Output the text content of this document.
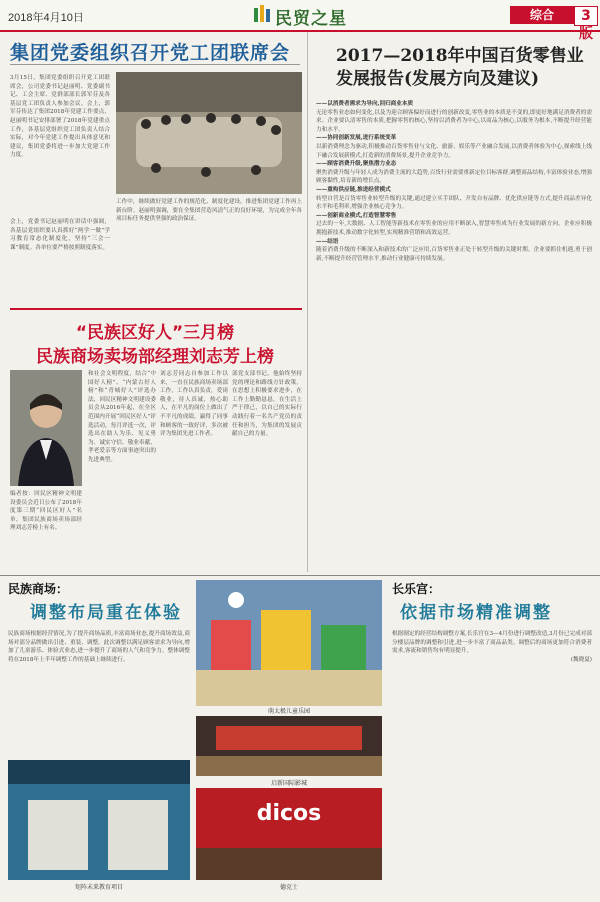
2018年4月10日	民贸之星	综合	3版
集团党委组织召开党工团联席会
3月15日，集团党委组织召开党工团联席会，公司党委书记赵丽明、党委副书记、工会主席、党群部部长郭军芬及各基层党工团负责人参加会议。会上，郭军芬传达了集团2018年党建工作要点，赵丽明书记安排部署了2018年党建重点工作，各基层党组织党工团负责人结合实际，对今年党建工作提出具体意见和建议，集团党委将进一步加大党建工作力度。
会上，党委书记赵丽明在讲话中强调，各基层党组织要认真抓好“两学一做”学习教育常态化制度化，坚持“三会一课”制度。各单位要严格按照制度落实。
工作中，继续做好党建工作的规范化、制度化建设，推进集团党建工作再上新台阶。赵丽明强调，要在全集团营造风清气正的良好环境，为完成全年各项目标任务提供坚强的政治保证。
“民族区好人”三月榜
民族商场卖场部经理刘志芳上榜
编者按：回民区精神文明建设委员会近日公布了2018年度第三期“回民区好人”名单，集团民族商场卖场部经理刘志芳榜上有名。
和社会文明程度，结合“中国好人榜”、“内蒙古好人榜”和“青城好人”评选办法，回民区精神文明建设委员会从2016年起，在全区范围内开展“回民区好人”评选活动，每月评选一次，评选出在助人为乐、见义勇为、诚实守信、敬业奉献、孝老爱亲等方面事迹突出的先进典型。
刘志芳同志自参加工作以来，一直在民族商场卖场部工作，工作认真负责，爱岗敬业，待人真诚，热心助人，在平凡的岗位上做出了不平凡的成绩，赢得了同事和顾客的一致好评，多次被评为集团先进工作者。
部党支部书记，他始终坚持党的理论和路线方针政策，在思想上积极要求进步，在工作上勤勤恳恳，在生活上严于律己，以自己的实际行动践行着一名共产党员的责任和担当，为集团的发展贡献自己的力量。
2017—2018年中国百货零售业
发展报告(发展方向及建议)
——以消费者需求为导向,回归商业本质
无论零售业态如何变化,以及为迎合顾客偏好而进行的创新改变,零售业的本质是不变的,即更好地满足消费者的需求。企业要认清零售的本质,把握零售的核心,坚持以消费者为中心,以商品为核心,以服务为根本,不断提升经营能力和水平。
——协同创新发展,进行系统变革
以新消费理念为驱动,积极推动百货零售业与文化、旅游、娱乐等产业融合发展,以消费者体验为中心,探索线上线下融合发展新模式,打造新的消费场景,提升企业竞争力。
——顾客消费升级,聚焦潜力业态
聚焦消费升级与年轻人成为消费主流的大趋势,百货行业需要重新定位目标客群,调整商品结构,丰富体验业态,增强顾客黏性,培育新的增长点。
——重构供应链,推进经营模式
转型自营是百货零售业转型升级的关键,通过建立买手团队、开发自有品牌、优化供应链等方式,提升商品差异化水平和毛利率,增强企业核心竞争力。
——创新商业模式,打造智慧零售
过去的一年,大数据、人工智能等新技术在零售业的应用不断深入,智慧零售成为行业发展的新方向。企业应积极拥抱新技术,推动数字化转型,实现精准营销和高效运营。
——结语
随着消费升级的不断深入和新技术的广泛应用,百货零售业正处于转型升级的关键时期。企业要抓住机遇,勇于创新,不断提升经营管理水平,推动行业健康可持续发展。
民族商场：
调整布局重在体验
民族商场根据经营情况,为了提升商场品质,丰富商场业态,提升商场效益,商场对部分品牌做出引进、重装、调整。此次调整以满足顾客需求为导向,增加了儿童游乐、体验式业态,进一步提升了商场的人气和竞争力。整体调整将在2018年上半年调整工作的基础上继续进行。
萌太极儿童乐园
启新国际影城
矩阵未来教育项目
dicos
德克士
长乐宫：
依据市场精准调整
根据制定的经营结构调整方案,长乐宫在3—4月份进行调整改造,3月份已完成对部分楼层品牌的调整和引进,进一步丰富了商品品类。调整后的商场更加符合消费者需求,客流和销售均有明显提升。
(魏晓夏)
